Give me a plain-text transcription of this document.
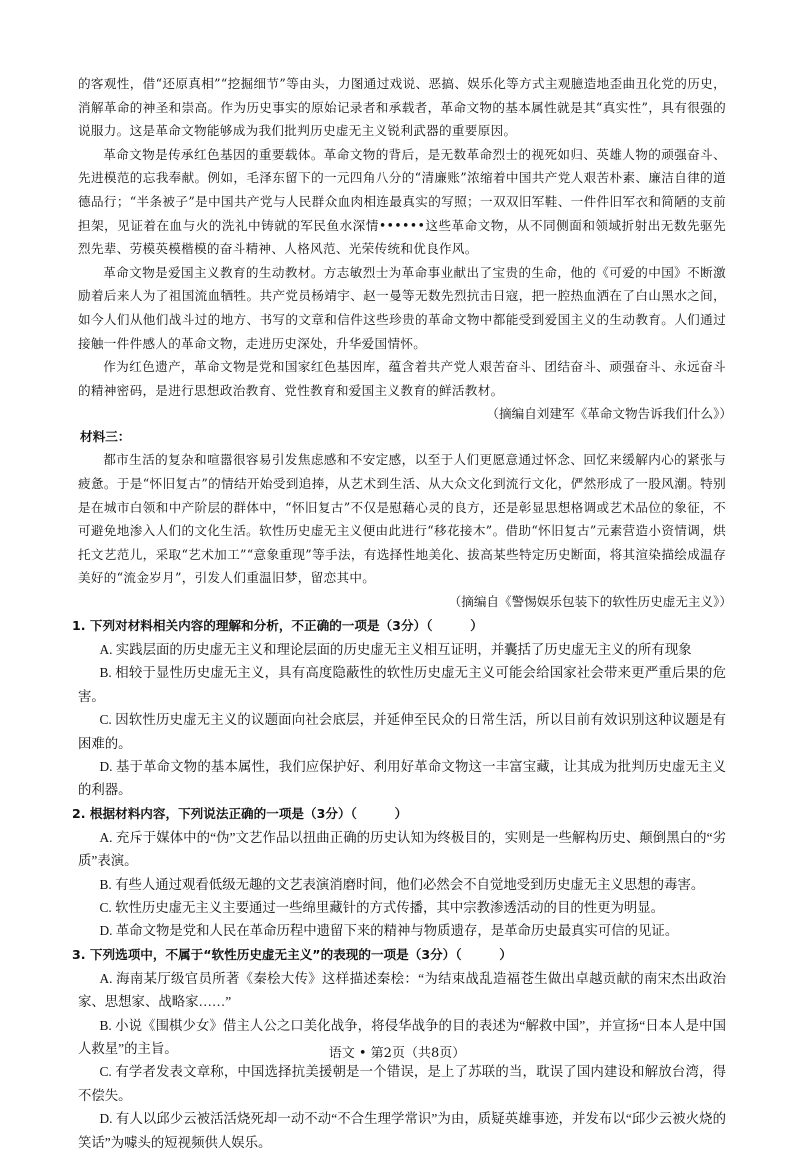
的客观性，借“还原真相”“挖掘细节”等由头，力图通过戏说、恶搞、娱乐化等方式主观臆造地歪曲丑化党的历史，消解革命的神圣和崇高。作为历史事实的原始记录者和承载者，革命文物的基本属性就是其“真实性”，具有很强的说服力。这是革命文物能够成为我们批判历史虚无主义锐利武器的重要原因。

革命文物是传承红色基因的重要载体。革命文物的背后，是无数革命烈士的视死如归、英雄人物的顽强奋斗、先进模范的忘我奉献。例如，毛泽东留下的一元四角八分的“清廉账”浓缩着中国共产党人艰苦朴素、廉洁自律的道德品行；“半条被子”是中国共产党与人民群众血肉相连最真实的写照；一双双旧军鞋、一件件旧军衣和简陋的支前担架，见证着在血与火的洗礼中铸就的军民鱼水深情••••••这些革命文物，从不同侧面和领域折射出无数先驱先烈先辈、劳模英模楷模的奋斗精神、人格风范、光荣传统和优良作风。

革命文物是爱国主义教育的生动教材。方志敏烈士为革命事业献出了宝贵的生命，他的《可爱的中国》不断激励着后来人为了祖国流血牺牲。共产党员杨靖宇、赵一曼等无数先烈抗击日寇，把一腔热血洒在了白山黑水之间，如今人们从他们战斗过的地方、书写的文章和信件这些珍贵的革命文物中都能受到爱国主义的生动教育。人们通过接触一件件感人的革命文物，走进历史深处，升华爱国情怀。

作为红色遗产，革命文物是党和国家红色基因库，蕴含着共产党人艰苦奋斗、团结奋斗、顽强奋斗、永远奋斗的精神密码，是进行思想政治教育、党性教育和爱国主义教育的鲜活教材。

（摘编自刘建军《革命文物告诉我们什么》）

材料三：

都市生活的复杂和喧嚣很容易引发焦虑感和不安定感，以至于人们更愿意通过怀念、回忆来缓解内心的紧张与疲惫。于是“怀旧复古”的情结开始受到追捧，从艺术到生活、从大众文化到流行文化，俨然形成了一股风潮。特别是在城市白领和中产阶层的群体中，“怀旧复古”不仅是慰藉心灵的良方，还是彰显思想格调或艺术品位的象征，不可避免地渗入人们的文化生活。软性历史虚无主义便由此进行“移花接木”。借助“怀旧复古”元素营造小资情调，烘托文艺范儿，采取“艺术加工”“意象重现”等手法，有选择性地美化、拔高某些特定历史断面，将其渲染描绘成温存美好的“流金岁月”，引发人们重温旧梦，留恋其中。

（摘编自《警惕娱乐包装下的软性历史虚无主义》）

1. 下列对材料相关内容的理解和分析，不正确的一项是（3分）（　　　）

A. 实践层面的历史虚无主义和理论层面的历史虚无主义相互证明，并囊括了历史虚无主义的所有现象

B. 相较于显性历史虚无主义，具有高度隐蔽性的软性历史虚无主义可能会给国家社会带来更严重后果的危害。

C. 因软性历史虚无主义的议题面向社会底层，并延伸至民众的日常生活，所以目前有效识别这种议题是有困难的。

D. 基于革命文物的基本属性，我们应保护好、利用好革命文物这一丰富宝藏，让其成为批判历史虚无主义的利器。

2. 根据材料内容，下列说法正确的一项是（3分）（　　　）

A. 充斥于媒体中的“伪”文艺作品以扭曲正确的历史认知为终极目的，实则是一些解构历史、颠倒黑白的“劣质”表演。

B. 有些人通过观看低级无趣的文艺表演消磨时间，他们必然会不自觉地受到历史虚无主义思想的毒害。

C. 软性历史虚无主义主要通过一些绵里藏针的方式传播，其中宗教渗透活动的目的性更为明显。

D. 革命文物是党和人民在革命历程中遗留下来的精神与物质遗存，是革命历史最真实可信的见证。

3. 下列选项中，不属于“软性历史虚无主义”的表现的一项是（3分）（　　　）

A. 海南某厅级官员所著《秦桧大传》这样描述秦桧：“为结束战乱造福苍生做出卓越贡献的南宋杰出政治家、思想家、战略家……”

B. 小说《围棋少女》借主人公之口美化战争，将侵华战争的目的表述为“解救中国”，并宣扬“日本人是中国人救星”的主旨。

C. 有学者发表文章称，中国选择抗美援朝是一个错误，是上了苏联的当，耽误了国内建设和解放台湾，得不偿失。

D. 有人以邱少云被活活烧死却一动不动“不合生理学常识”为由，质疑英雄事迹，并发布以“邱少云被火烧的笑话”为噱头的短视频供人娱乐。

语文 • 第2页（共8页）
